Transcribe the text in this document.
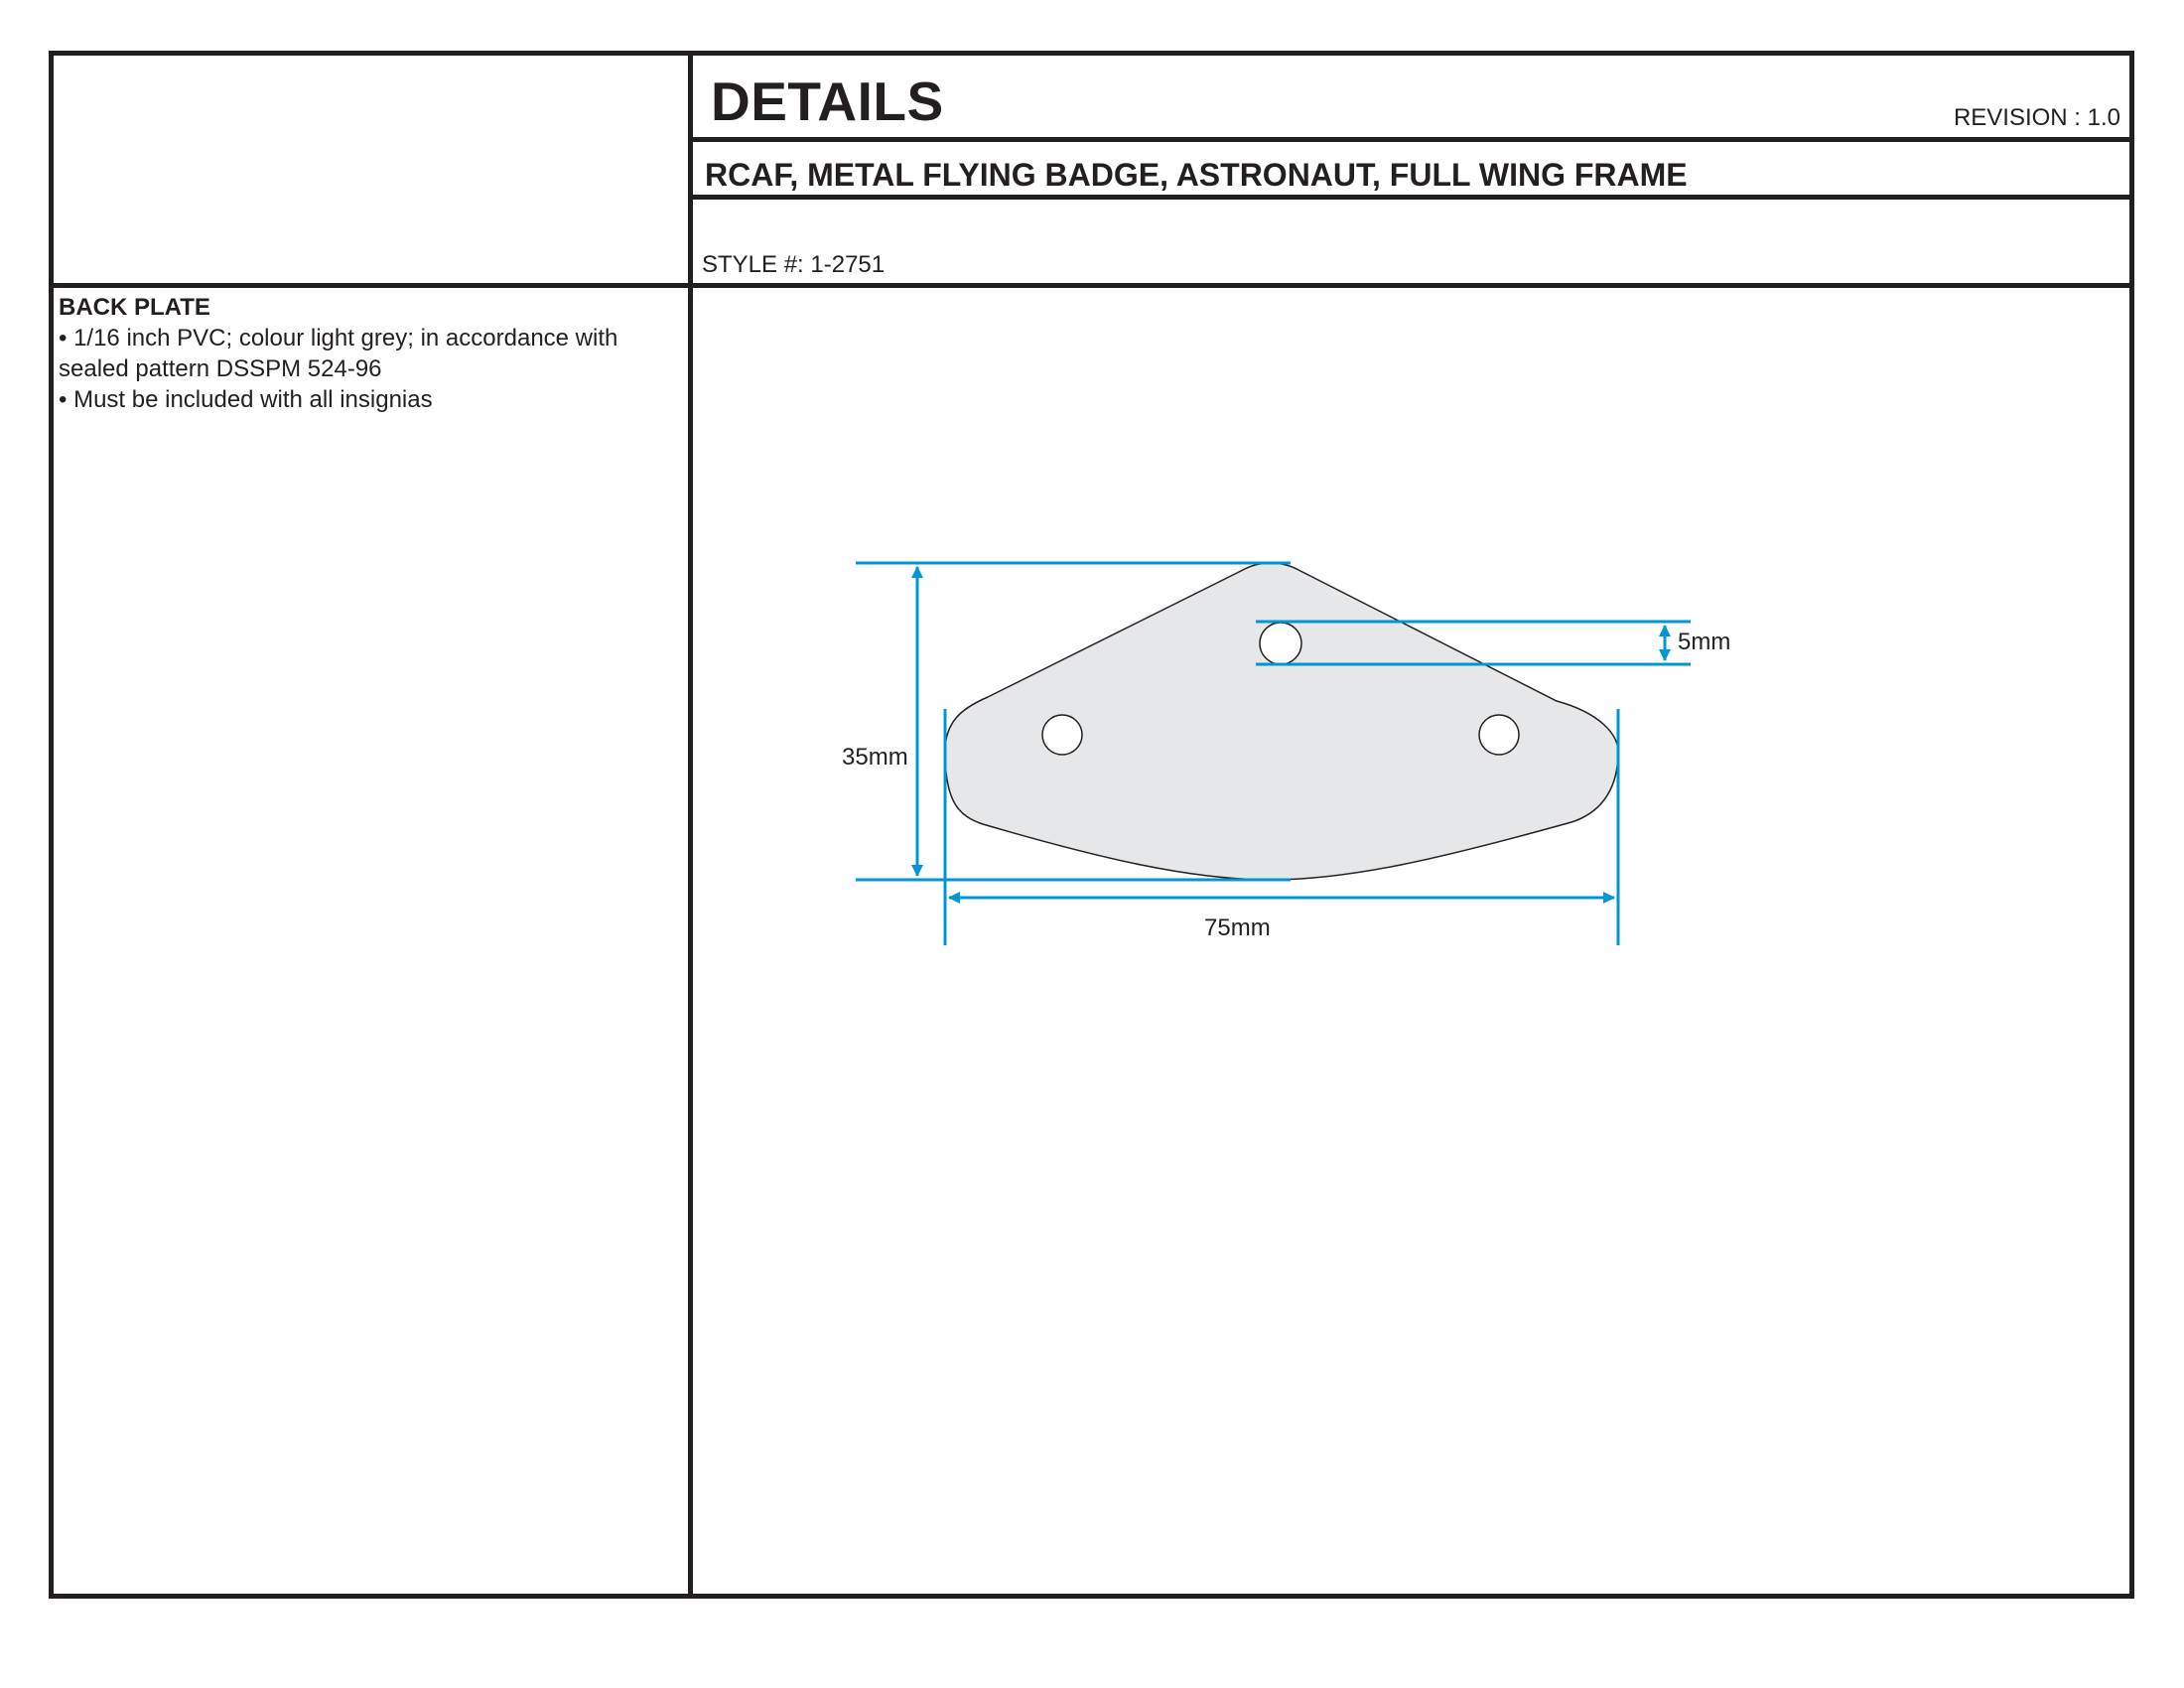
DETAILS	REVISION : 1.0
RCAF, METAL FLYING BADGE, ASTRONAUT, FULL WING FRAME
STYLE #: 1-2751
BACK PLATE
• 1/16 inch PVC; colour light grey; in accordance with sealed pattern DSSPM 524-96
• Must be included with all insignias
35mm
75mm
5mm
